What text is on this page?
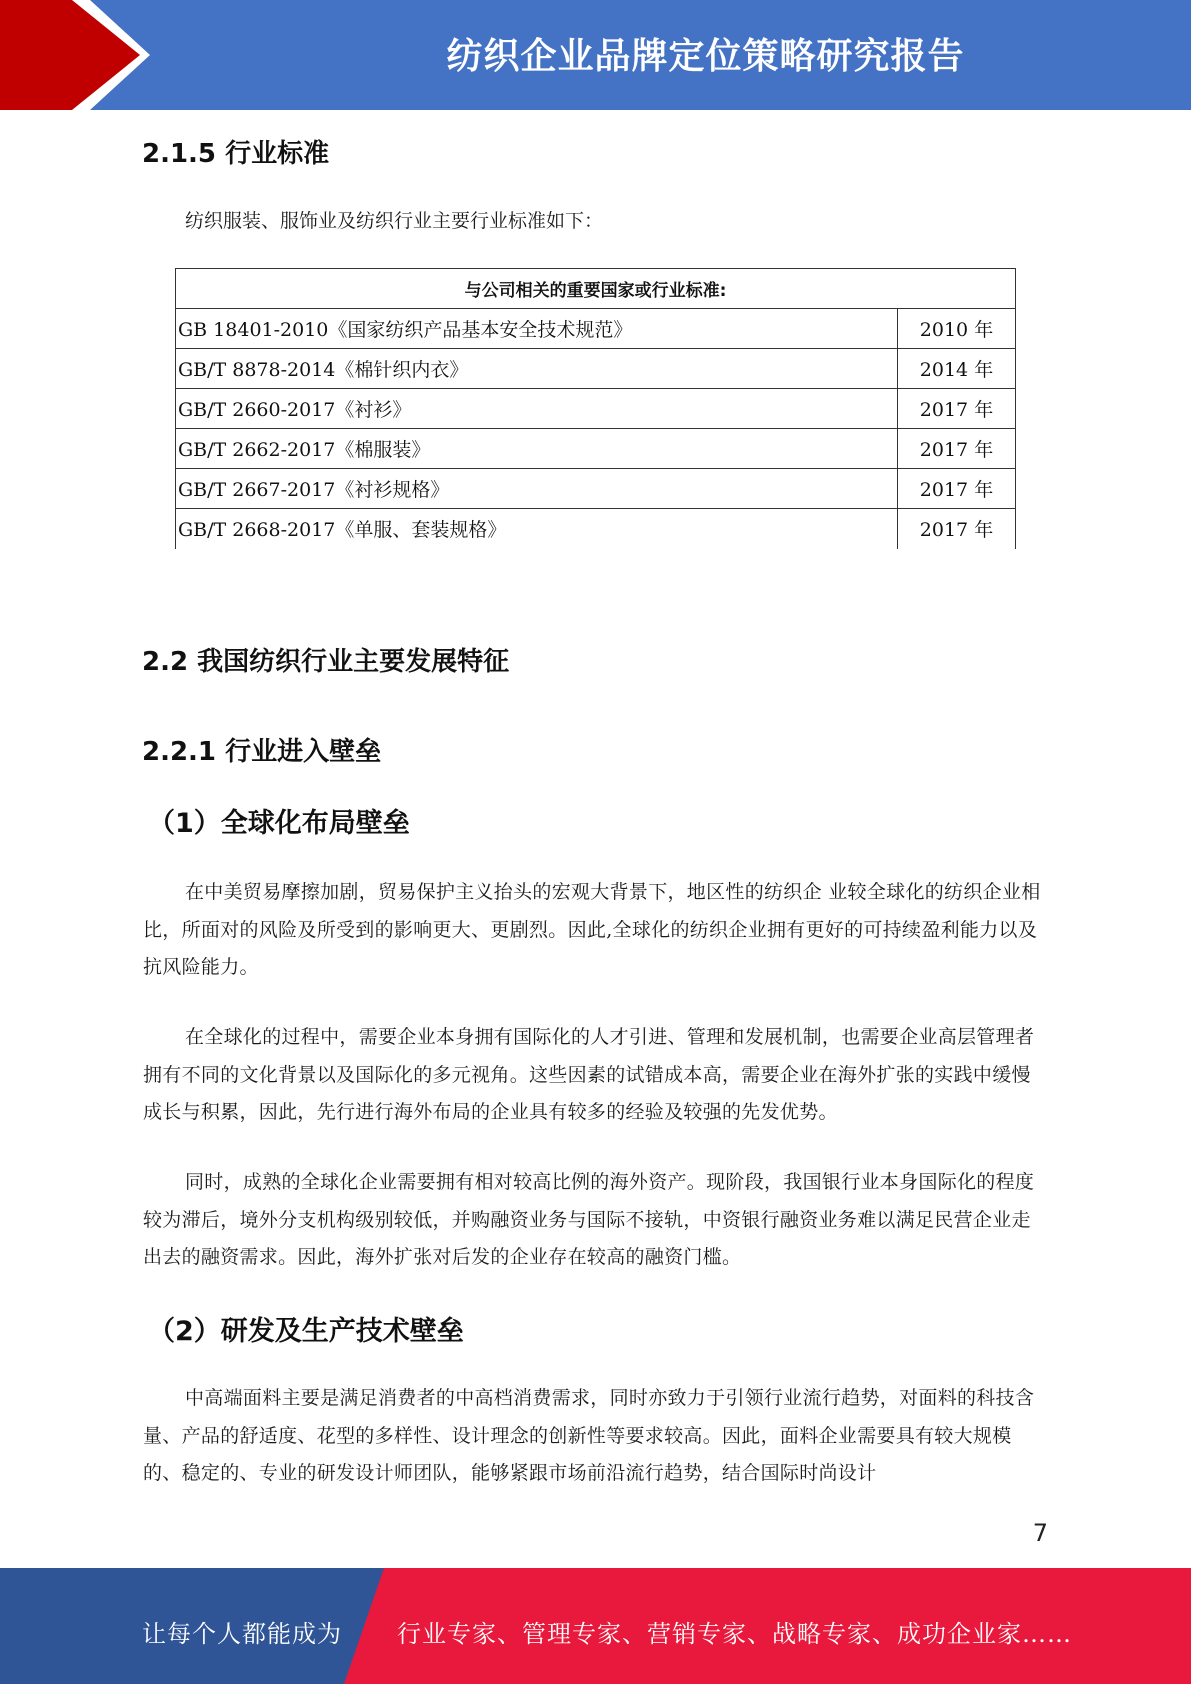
纺织企业品牌定位策略研究报告
2.1.5 行业标准

纺织服装、服饰业及纺织行业主要行业标准如下：

与公司相关的重要国家或行业标准:	
GB 18401-2010《国家纺织产品基本安全技术规范》	2010 年
GB/T 8878-2014《棉针织内衣》	2014 年
GB/T 2660-2017《衬衫》	2017 年
GB/T 2662-2017《棉服装》	2017 年
GB/T 2667-2017《衬衫规格》	2017 年
GB/T 2668-2017《单服、套装规格》	2017 年
2.2 我国纺织行业主要发展特征
2.2.1 行业进入壁垒
（1）全球化布局壁垒

在中美贸易摩擦加剧，贸易保护主义抬头的宏观大背景下，地区性的纺织企 业较全球化的纺织企业相比，所面对的风险及所受到的影响更大、更剧烈。因此,全球化的纺织企业拥有更好的可持续盈利能力以及抗风险能力。

在全球化的过程中，需要企业本身拥有国际化的人才引进、管理和发展机制，也需要企业高层管理者拥有不同的文化背景以及国际化的多元视角。这些因素的试错成本高，需要企业在海外扩张的实践中缓慢成长与积累，因此，先行进行海外布局的企业具有较多的经验及较强的先发优势。

同时，成熟的全球化企业需要拥有相对较高比例的海外资产。现阶段，我国银行业本身国际化的程度较为滞后，境外分支机构级别较低，并购融资业务与国际不接轨，中资银行融资业务难以满足民营企业走出去的融资需求。因此，海外扩张对后发的企业存在较高的融资门槛。

（2）研发及生产技术壁垒

中高端面料主要是满足消费者的中高档消费需求，同时亦致力于引领行业流行趋势，对面料的科技含量、产品的舒适度、花型的多样性、设计理念的创新性等要求较高。因此，面料企业需要具有较大规模的、稳定的、专业的研发设计师团队，能够紧跟市场前沿流行趋势，结合国际时尚设计

7
让每个人都能成为 行业专家、管理专家、营销专家、战略专家、成功企业家……
